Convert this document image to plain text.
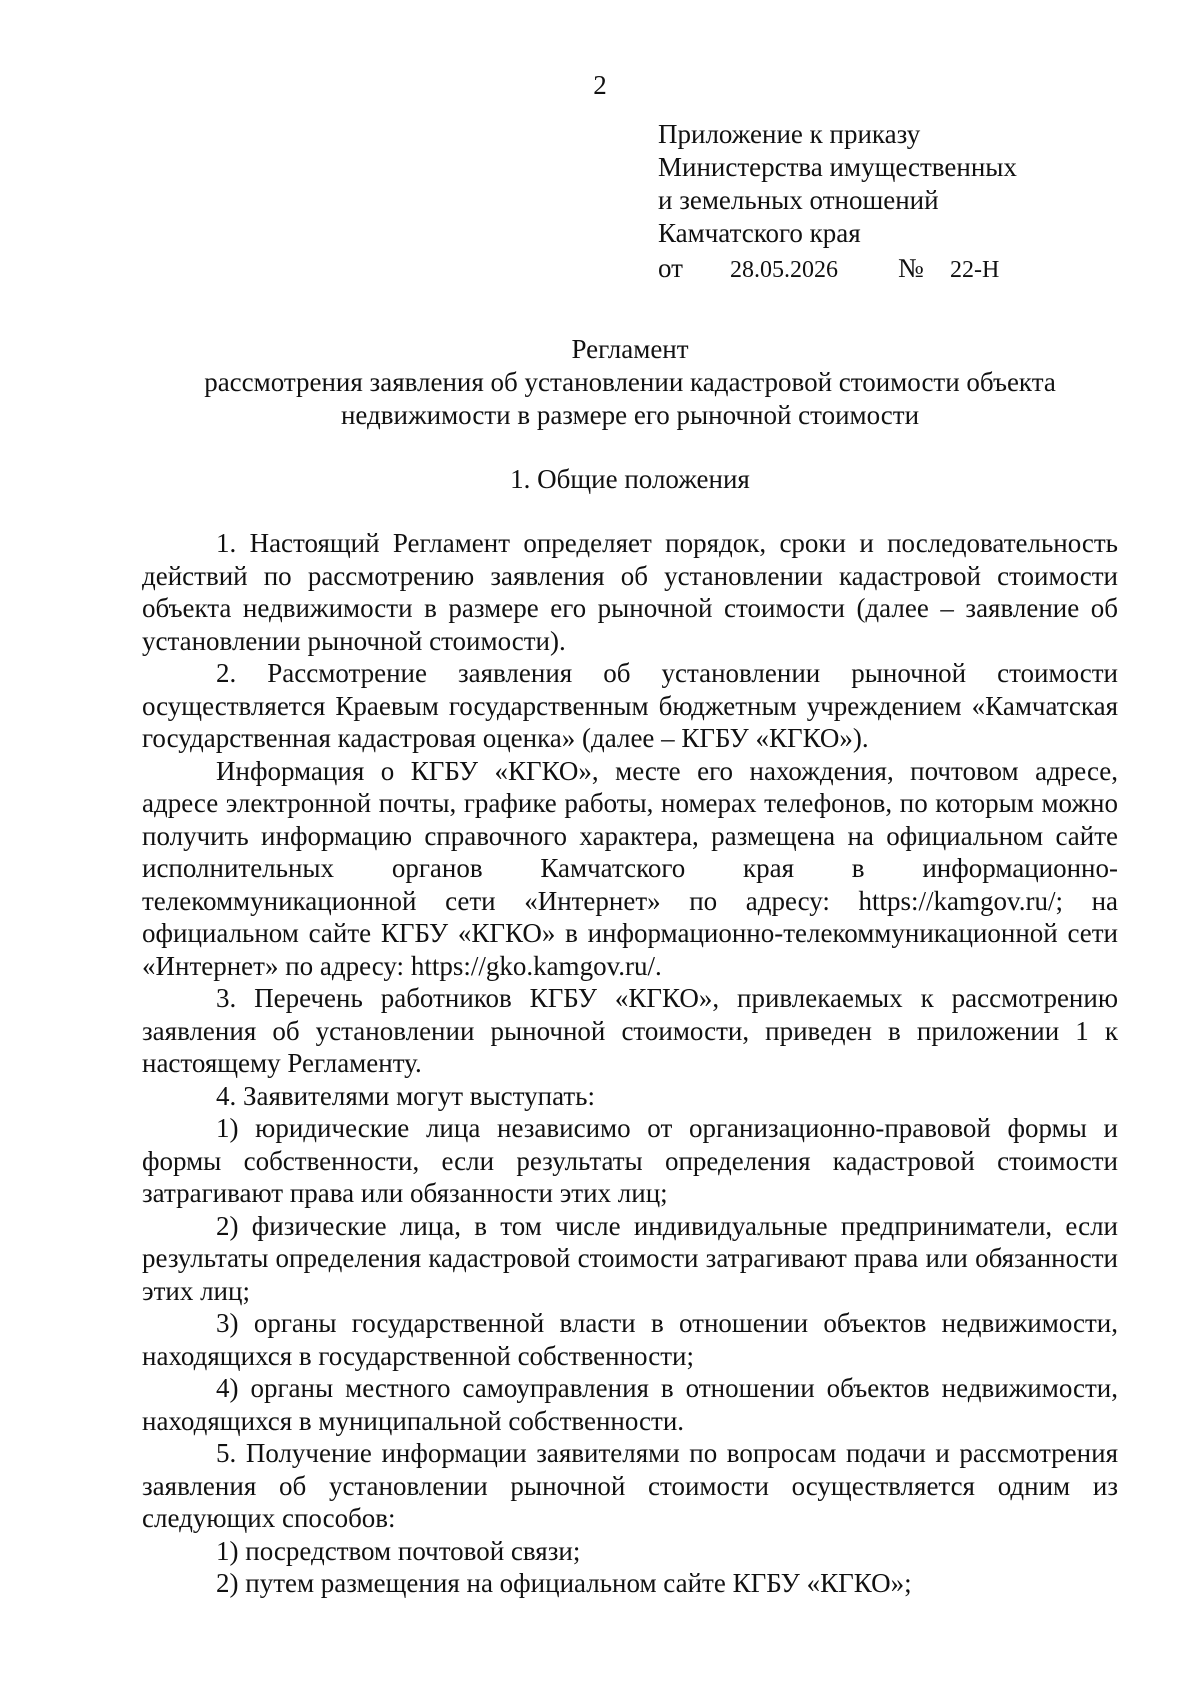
2
Приложение к приказу
Министерства имущественных
и земельных отношений
Камчатского края
от	28.05.2026	№	22-Н
Регламент
рассмотрения заявления об установлении кадастровой стоимости объекта
недвижимости в размере его рыночной стоимости
1. Общие положения

1. Настоящий Регламент определяет порядок, сроки и последовательность действий по рассмотрению заявления об установлении кадастровой стоимости объекта недвижимости в размере его рыночной стоимости (далее – заявление об установлении рыночной стоимости).

2. Рассмотрение заявления об установлении рыночной стоимости осуществляется Краевым государственным бюджетным учреждением «Камчатская государственная кадастровая оценка» (далее – КГБУ «КГКО»).

Информация о КГБУ «КГКО», месте его нахождения, почтовом адресе, адресе электронной почты, графике работы, номерах телефонов, по которым можно получить информацию справочного характера, размещена на официальном сайте исполнительных органов Камчатского края в информационно-телекоммуникационной сети «Интернет» по адресу: https://kamgov.ru/; на официальном сайте КГБУ «КГКО» в информационно-телекоммуникационной сети «Интернет» по адресу: https://gko.kamgov.ru/.

3. Перечень работников КГБУ «КГКО», привлекаемых к рассмотрению заявления об установлении рыночной стоимости, приведен в приложении 1 к настоящему Регламенту.

4. Заявителями могут выступать:

1) юридические лица независимо от организационно-правовой формы и формы собственности, если результаты определения кадастровой стоимости затрагивают права или обязанности этих лиц;

2) физические лица, в том числе индивидуальные предприниматели, если результаты определения кадастровой стоимости затрагивают права или обязанности этих лиц;

3) органы государственной власти в отношении объектов недвижимости, находящихся в государственной собственности;

4) органы местного самоуправления в отношении объектов недвижимости, находящихся в муниципальной собственности.

5. Получение информации заявителями по вопросам подачи и рассмотрения заявления об установлении рыночной стоимости осуществляется одним из следующих способов:

1) посредством почтовой связи;

2) путем размещения на официальном сайте КГБУ «КГКО»;
